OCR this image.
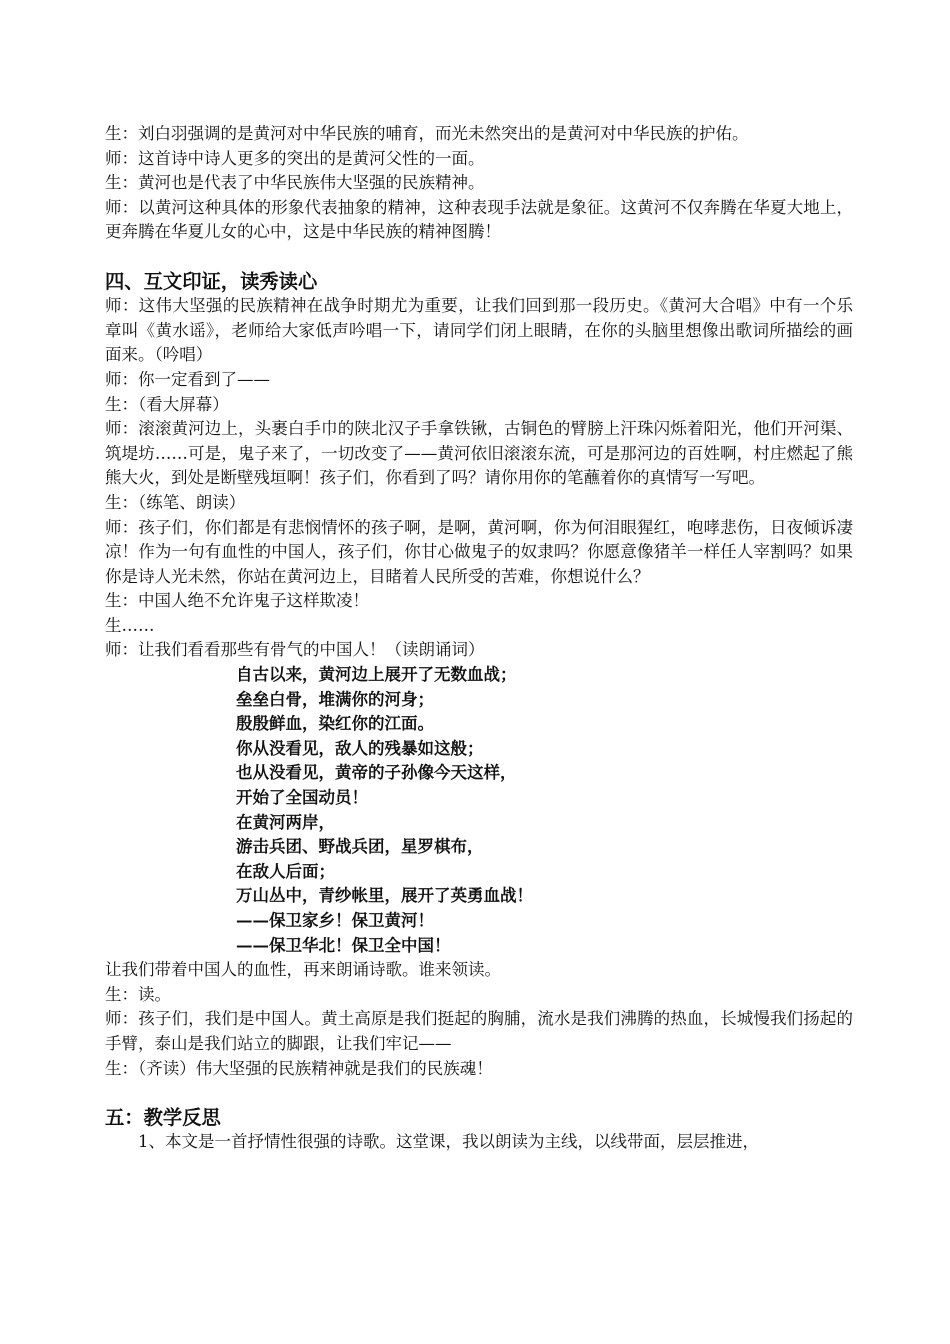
生：刘白羽强调的是黄河对中华民族的哺育，而光未然突出的是黄河对中华民族的护佑。

师：这首诗中诗人更多的突出的是黄河父性的一面。

生：黄河也是代表了中华民族伟大坚强的民族精神。

师：以黄河这种具体的形象代表抽象的精神，这种表现手法就是象征。这黄河不仅奔腾在华夏大地上，更奔腾在华夏儿女的心中，这是中华民族的精神图腾！

四、互文印证，读秀读心

师：这伟大坚强的民族精神在战争时期尤为重要，让我们回到那一段历史。《黄河大合唱》中有一个乐章叫《黄水谣》，老师给大家低声吟唱一下，请同学们闭上眼睛，在你的头脑里想像出歌词所描绘的画面来。（吟唱）

师：你一定看到了——

生：（看大屏幕）

师：滚滚黄河边上，头裹白手巾的陕北汉子手拿铁锹，古铜色的臂膀上汗珠闪烁着阳光，他们开河渠、筑堤坊……可是，鬼子来了，一切改变了——黄河依旧滚滚东流，可是那河边的百姓啊，村庄燃起了熊熊大火，到处是断壁残垣啊！孩子们，你看到了吗？请你用你的笔蘸着你的真情写一写吧。

生：（练笔、朗读）

师：孩子们，你们都是有悲悯情怀的孩子啊，是啊，黄河啊，你为何泪眼猩红，咆哮悲伤，日夜倾诉凄凉！作为一句有血性的中国人，孩子们，你甘心做鬼子的奴隶吗？你愿意像猪羊一样任人宰割吗？如果你是诗人光未然，你站在黄河边上，目睹着人民所受的苦难，你想说什么？

生：中国人绝不允许鬼子这样欺凌！

生……

师：让我们看看那些有骨气的中国人！（读朗诵词）

自古以来，黄河边上展开了无数血战；
垒垒白骨，堆满你的河身；
殷殷鲜血，染红你的江面。
你从没看见，敌人的残暴如这般；
也从没看见，黄帝的子孙像今天这样，
开始了全国动员！
在黄河两岸，
游击兵团、野战兵团，星罗棋布，
在敌人后面；
万山丛中，青纱帐里，展开了英勇血战！
——保卫家乡！保卫黄河！
——保卫华北！保卫全中国！

让我们带着中国人的血性，再来朗诵诗歌。谁来领读。

生：读。

师：孩子们，我们是中国人。黄土高原是我们挺起的胸脯，流水是我们沸腾的热血，长城慢我们扬起的手臂，泰山是我们站立的脚跟，让我们牢记——

生：（齐读）伟大坚强的民族精神就是我们的民族魂！

五：教学反思

1、本文是一首抒情性很强的诗歌。这堂课，我以朗读为主线，以线带面，层层推进，
